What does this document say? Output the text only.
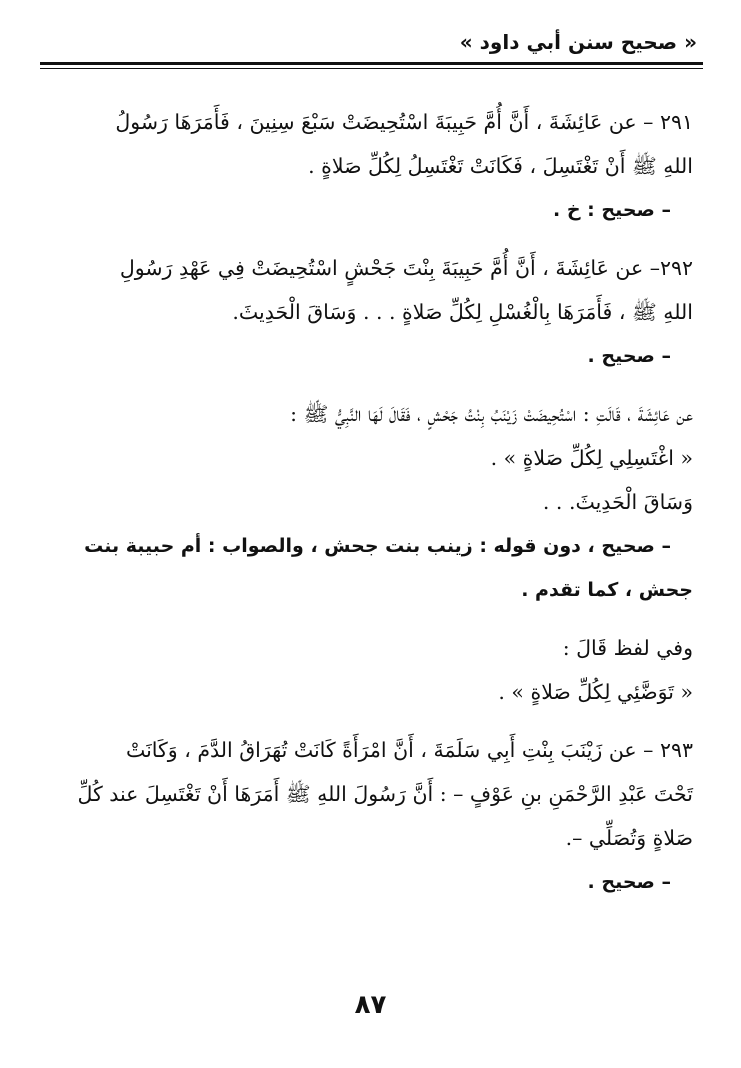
« صحيح سنن أبي داود »
٢٩١ – عن عَائِشَةَ ، أَنَّ أُمَّ حَبِيبَةَ اسْتُحِيضَتْ سَبْعَ سِنِينَ ، فَأَمَرَهَا رَسُولُ
اللهِ ﷺ أَنْ تَغْتَسِلَ ، فَكَانَتْ تَغْتَسِلُ لِكُلِّ صَلاةٍ .
– صحيح : خ .
٢٩٢– عن عَائِشَةَ ، أَنَّ أُمَّ حَبِيبَةَ بِنْتَ جَحْشٍ اسْتُحِيضَتْ فِي عَهْدِ رَسُولِ
اللهِ ﷺ ، فَأَمَرَهَا بِالْغُسْلِ لِكُلِّ صَلاةٍ . . . وَسَاقَ الْحَدِيثَ.
– صحيح .
عن عَائِشَةَ ، قَالَتِ : اسْتُحِيضَتْ زَيْنَبُ بِنْتُ جَحْشٍ ، فَقَالَ لَهَا النَّبِيُّ ﷺ :
« اغْتَسِلِي لِكُلِّ صَلاةٍ » .
وَسَاقَ الْحَدِيثَ. . .
– صحيح ، دون قوله : زينب بنت جحش ، والصواب : أم حبيبة بنت
جحش ، كما تقدم .
وفي لفظ قَالَ :
« تَوَضَّئِي لِكُلِّ صَلاةٍ » .
٢٩٣ – عن زَيْنَبَ بِنْتِ أَبِي سَلَمَةَ ، أَنَّ امْرَأَةً كَانَتْ تُهَرَاقُ الدَّمَ ، وَكَانَتْ
تَحْتَ عَبْدِ الرَّحْمَنِ بنِ عَوْفٍ – : أَنَّ رَسُولَ اللهِ ﷺ أَمَرَهَا أَنْ تَغْتَسِلَ عند كُلِّ
صَلاةٍ وَتُصَلِّي –.
– صحيح .
٨٧
